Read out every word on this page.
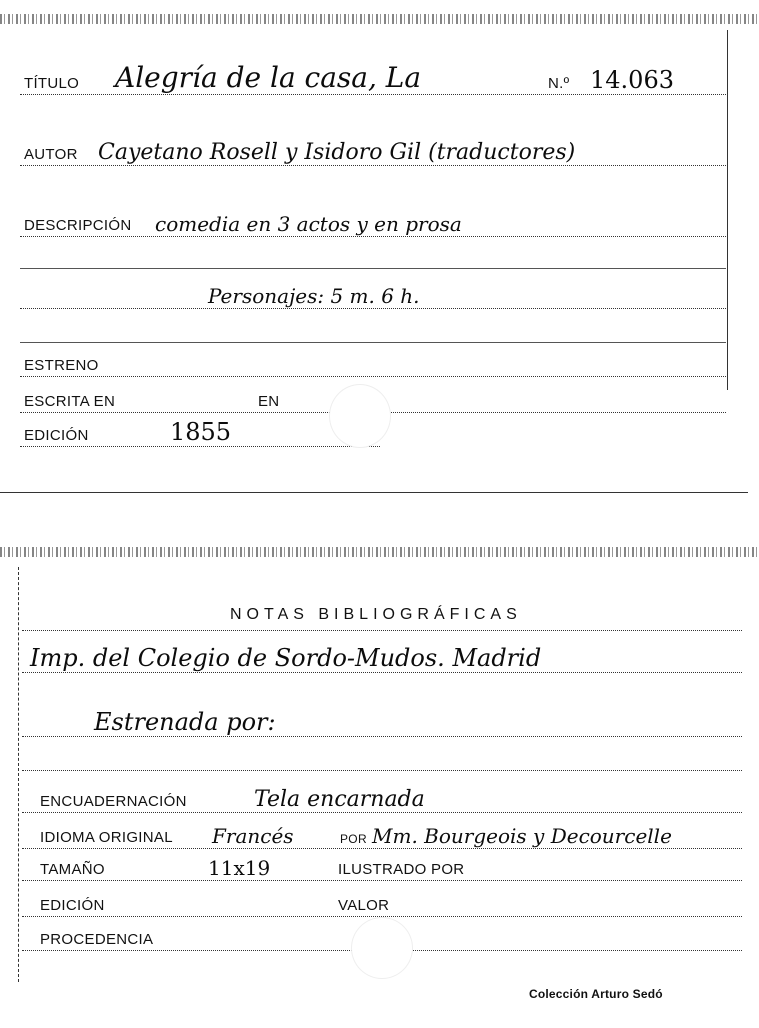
TÍTULO Alegría de la casa, La	N.º 14.063
AUTOR Cayetano Rosell y Isidoro Gil (traductores)
DESCRIPCIÓN comedia en 3 actos y en prosa
Personajes: 5 m. 6 h.
ESTRENO
ESCRITA EN	EN
EDICIÓN	1855
NOTAS BIBLIOGRÁFICAS
Imp. del Colegio de Sordo-Mudos. Madrid
Estrenada por:
ENCUADERNACIÓN	Tela encarnada
IDIOMA ORIGINAL Francés	POR Mm. Bourgeois y Decourcelle
TAMAÑO	11x19	ILUSTRADO POR
EDICIÓN	VALOR
PROCEDENCIA
Colección Arturo Sedó
